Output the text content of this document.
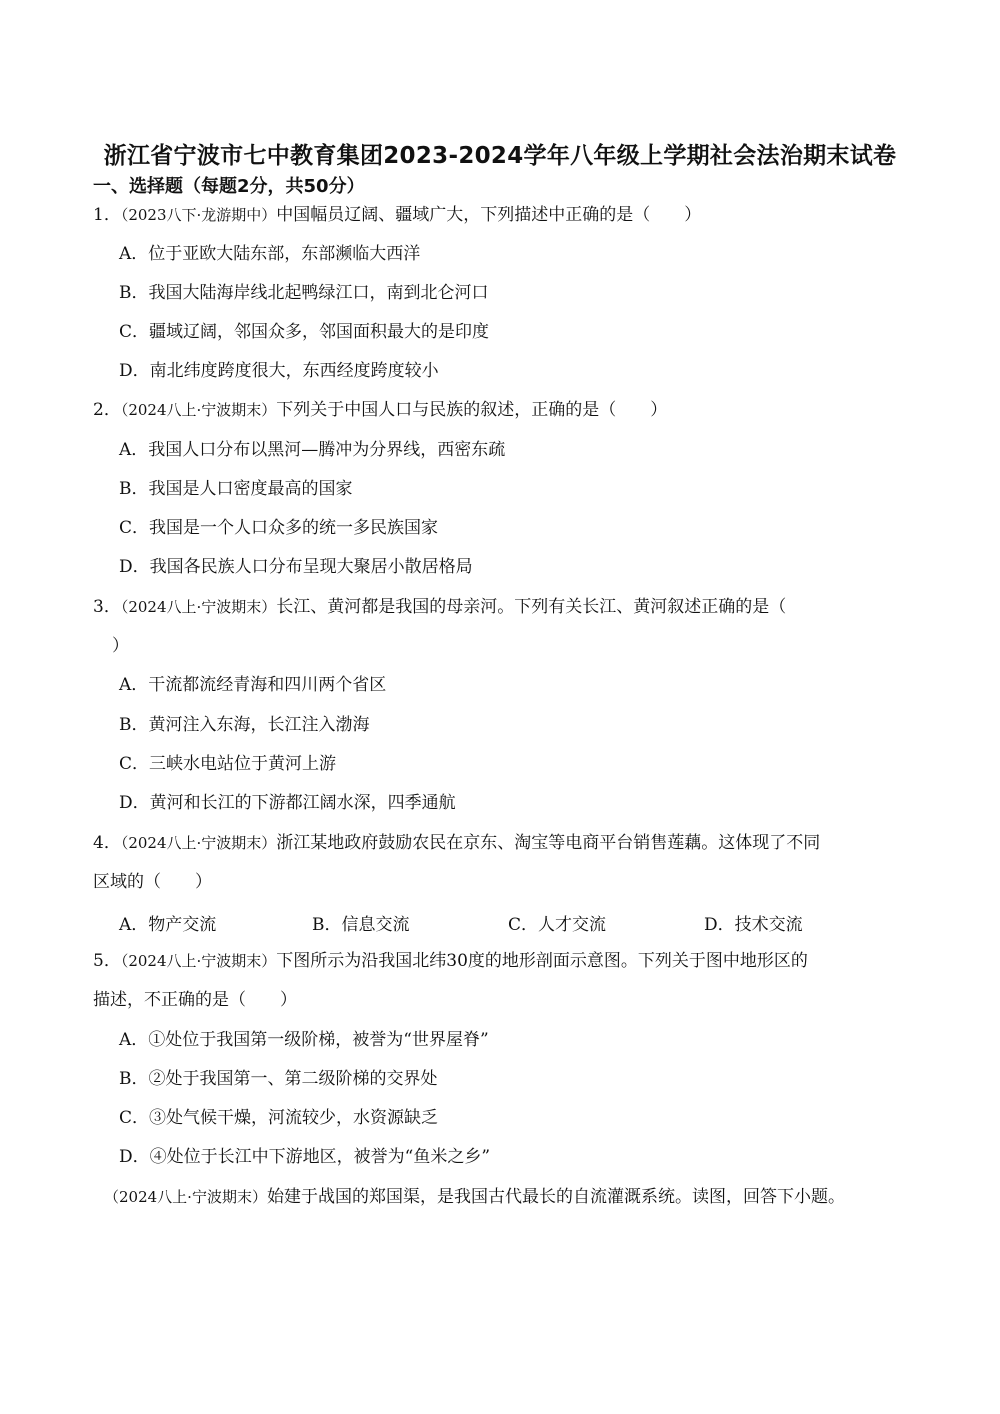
浙江省宁波市七中教育集团2023-2024学年八年级上学期社会法治期末试卷
一、选择题（每题2分，共50分）
1．（2023八下·龙游期中）中国幅员辽阔、疆域广大，下列描述中正确的是（　　）
A．位于亚欧大陆东部，东部濒临大西洋
B．我国大陆海岸线北起鸭绿江口，南到北仑河口
C．疆域辽阔，邻国众多，邻国面积最大的是印度
D．南北纬度跨度很大，东西经度跨度较小
2．（2024八上·宁波期末）下列关于中国人口与民族的叙述，正确的是（　　）
A．我国人口分布以黑河—腾冲为分界线，西密东疏
B．我国是人口密度最高的国家
C．我国是一个人口众多的统一多民族国家
D．我国各民族人口分布呈现大聚居小散居格局
3．（2024八上·宁波期末）长江、黄河都是我国的母亲河。下列有关长江、黄河叙述正确的是（
）
A．干流都流经青海和四川两个省区
B．黄河注入东海，长江注入渤海
C．三峡水电站位于黄河上游
D．黄河和长江的下游都江阔水深，四季通航
4．（2024八上·宁波期末）浙江某地政府鼓励农民在京东、淘宝等电商平台销售莲藕。这体现了不同
区域的（　　）
A．物产交流	B．信息交流	C．人才交流	D．技术交流
5．（2024八上·宁波期末）下图所示为沿我国北纬30度的地形剖面示意图。下列关于图中地形区的
描述，不正确的是（　　）
A．①处位于我国第一级阶梯，被誉为“世界屋脊”
B．②处于我国第一、第二级阶梯的交界处
C．③处气候干燥，河流较少，水资源缺乏
D．④处位于长江中下游地区，被誉为“鱼米之乡”
（2024八上·宁波期末）始建于战国的郑国渠，是我国古代最长的自流灌溉系统。读图，回答下小题。
